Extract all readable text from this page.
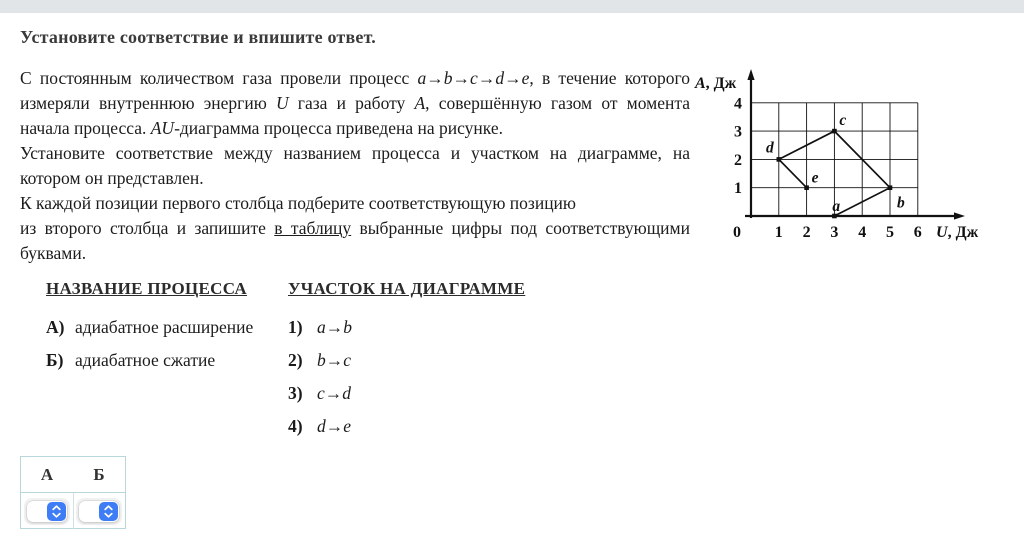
Установите соответствие и впишите ответ.

С постоянным количеством газа провели процесс a→b→c→d→e, в течение которого измеряли внутреннюю энергию U газа и работу A, совершённую газом от момента начала процесса. AU-диаграмма процесса приведена на рисунке.

Установите соответствие между названием процесса и участком на диаграмме, на котором он представлен.

К каждой позиции первого столбца подберите соответствующую позицию
из второго столбца и запишите в таблицу выбранные цифры под соответствующими буквами.

0 1 2 3 4 5 6
1
2
3
4
A, Дж
U, Дж
a	b
c
d
e
НАЗВАНИЕ ПРОЦЕССА
А) адиабатное расширение
Б) адиабатное сжатие
УЧАСТОК НА ДИАГРАММЕ
1) a→b
2) b→c
3) c→d
4) d→e
А	Б
